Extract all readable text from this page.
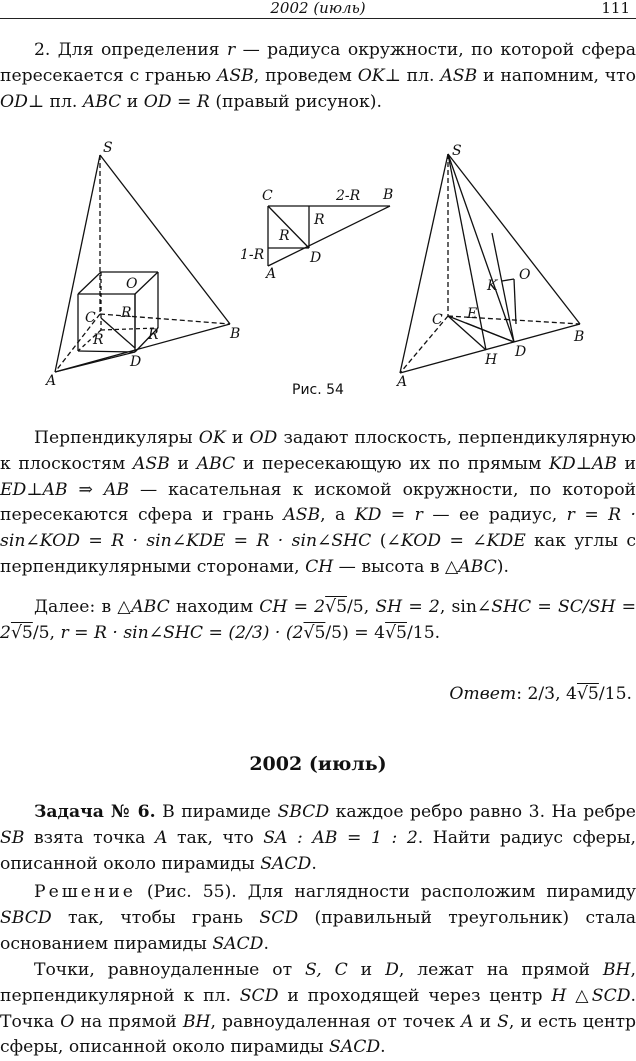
2002 (июль)	111

2. Для определения r — радиуса окружности, по которой сфера пересекается с гранью ASB, проведем OK⊥ пл. ASB и напомним, что OD⊥ пл. ABC и OD = R (правый рисунок).

S
A
B
C
D
O
R
R	R
C	B
A
D
2-R
1-R
R
R
S
A
B
C
D
E
H
K
O
Рис. 54

Перпендикуляры OK и OD задают плоскость, перпендикулярную к плоскостям ASB и ABC и пересекающую их по прямым KD⊥AB и ED⊥AB ⇒ AB — касательная к искомой окружности, по которой пересекаются сфера и грань ASB, а KD = r — ее радиус, r = R · sin∠KOD = R · sin∠KDE = R · sin∠SHC (∠KOD = ∠KDE как углы с перпендикулярными сторонами, CH — высота в △ABC).

Далее: в △ABC находим CH = 2√5/5, SH = 2, sin∠SHC = SC/SH = 2√5/5, r = R · sin∠SHC = (2/3) · (2√5/5) = 4√5/15.

Ответ: 2/3, 4√5/15.
2002 (июль)

Задача № 6. В пирамиде SBCD каждое ребро равно 3. На ребре SB взята точка A так, что SA : AB = 1 : 2. Найти радиус сферы, описанной около пирамиды SACD.

Решение (Рис. 55). Для наглядности расположим пирамиду SBCD так, чтобы грань SCD (правильный треугольник) стала основанием пирамиды SACD.

Точки, равноудаленные от S, C и D, лежат на прямой BH, перпендикулярной к пл. SCD и проходящей через центр H △SCD. Точка O на прямой BH, равноудаленная от точек A и S, и есть центр сферы, описанной около пирамиды SACD.
